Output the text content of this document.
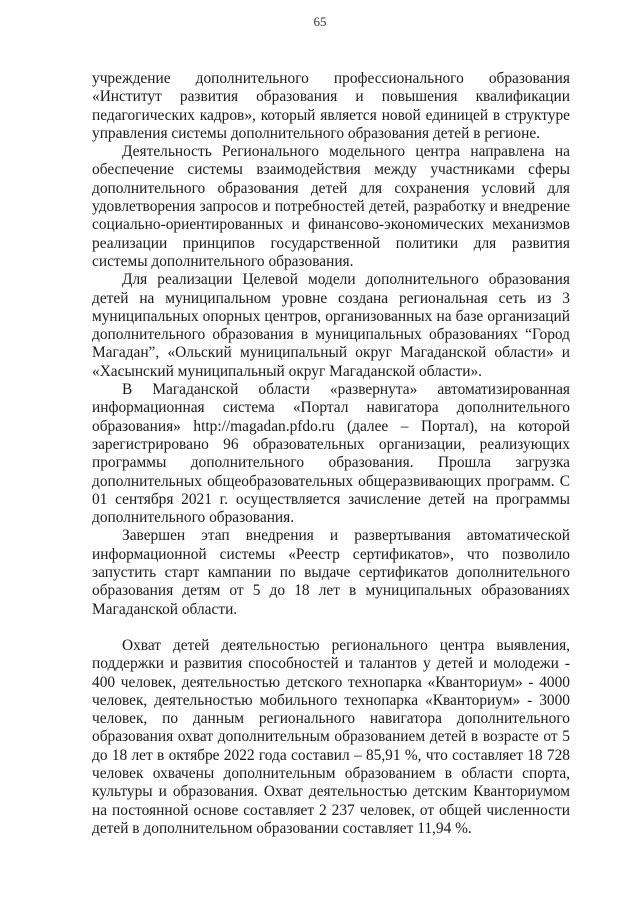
65

учреждение дополнительного профессионального образования «Институт развития образования и повышения квалификации педагогических кадров», который является новой единицей в структуре управления системы дополнительного образования детей в регионе.

Деятельность Регионального модельного центра направлена на обеспечение системы взаимодействия между участниками сферы дополнительного образования детей для сохранения условий для удовлетворения запросов и потребностей детей, разработку и внедрение социально-ориентированных и финансово-экономических механизмов реализации принципов государственной политики для развития системы дополнительного образования.

Для реализации Целевой модели дополнительного образования детей на муниципальном уровне создана региональная сеть из 3 муниципальных опорных центров, организованных на базе организаций дополнительного образования в муниципальных образованиях “Город Магадан”, «Ольский муниципальный округ Магаданской области» и «Хасынский муниципальный округ Магаданской области».

В Магаданской области «развернута» автоматизированная информационная система «Портал навигатора дополнительного образования» http://magadan.pfdo.ru (далее – Портал), на которой зарегистрировано 96 образовательных организации, реализующих программы дополнительного образования. Прошла загрузка дополнительных общеобразовательных общеразвивающих программ. С 01 сентября 2021 г. осуществляется зачисление детей на программы дополнительного образования.

Завершен этап внедрения и развертывания автоматической информационной системы «Реестр сертификатов», что позволило запустить старт кампании по выдаче сертификатов дополнительного образования детям от 5 до 18 лет в муниципальных образованиях Магаданской области.

Охват детей деятельностью регионального центра выявления, поддержки и развития способностей и талантов у детей и молодежи - 400 человек, деятельностью детского технопарка «Кванториум» - 4000 человек, деятельностью мобильного технопарка «Кванториум» - 3000 человек, по данным регионального навигатора дополнительного образования охват дополнительным образованием детей в возрасте от 5 до 18 лет в октябре 2022 года составил – 85,91 %, что составляет 18 728 человек охвачены дополнительным образованием в области спорта, культуры и образования. Охват деятельностью детским Кванториумом на постоянной основе составляет 2 237 человек, от общей численности детей в дополнительном образовании составляет 11,94 %.
